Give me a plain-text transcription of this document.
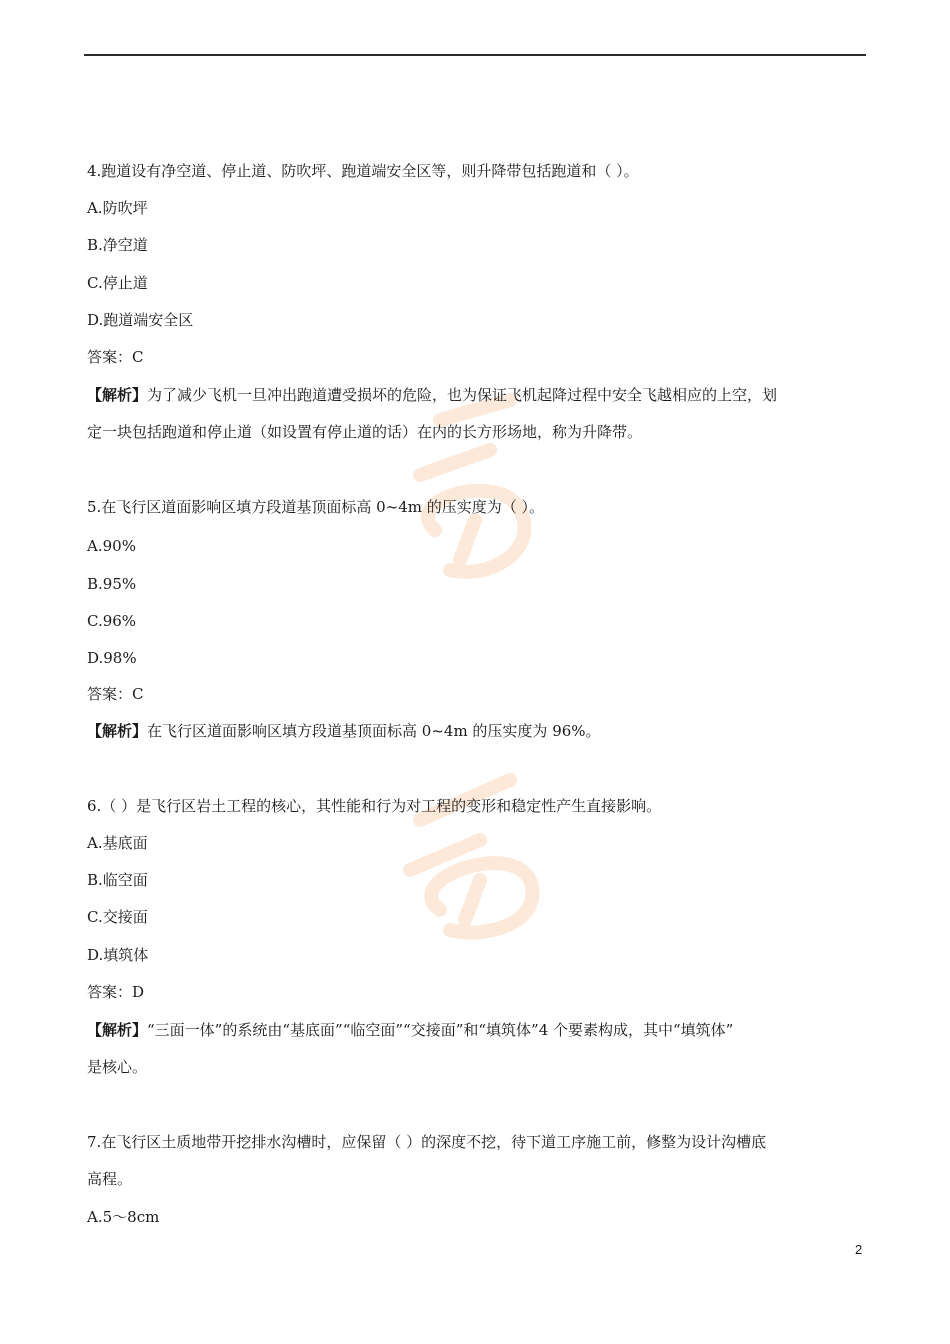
4.跑道设有净空道、停止道、防吹坪、跑道端安全区等，则升降带包括跑道和（ ）。
A.防吹坪
B.净空道
C.停止道
D.跑道端安全区
答案：C
【解析】为了减少飞机一旦冲出跑道遭受损坏的危险，也为保证飞机起降过程中安全飞越相应的上空，划
定一块包括跑道和停止道（如设置有停止道的话）在内的长方形场地，称为升降带。
5.在飞行区道面影响区填方段道基顶面标高 0~4m 的压实度为（ ）。
A.90%
B.95%
C.96%
D.98%
答案：C
【解析】在飞行区道面影响区填方段道基顶面标高 0~4m 的压实度为 96%。
6.（ ）是飞行区岩土工程的核心，其性能和行为对工程的变形和稳定性产生直接影响。
A.基底面
B.临空面
C.交接面
D.填筑体
答案：D
【解析】“三面一体”的系统由“基底面”“临空面”“交接面”和“填筑体”4 个要素构成，其中“填筑体”
是核心。
7.在飞行区土质地带开挖排水沟槽时，应保留（ ）的深度不挖，待下道工序施工前，修整为设计沟槽底
高程。
A.5～8cm
2
